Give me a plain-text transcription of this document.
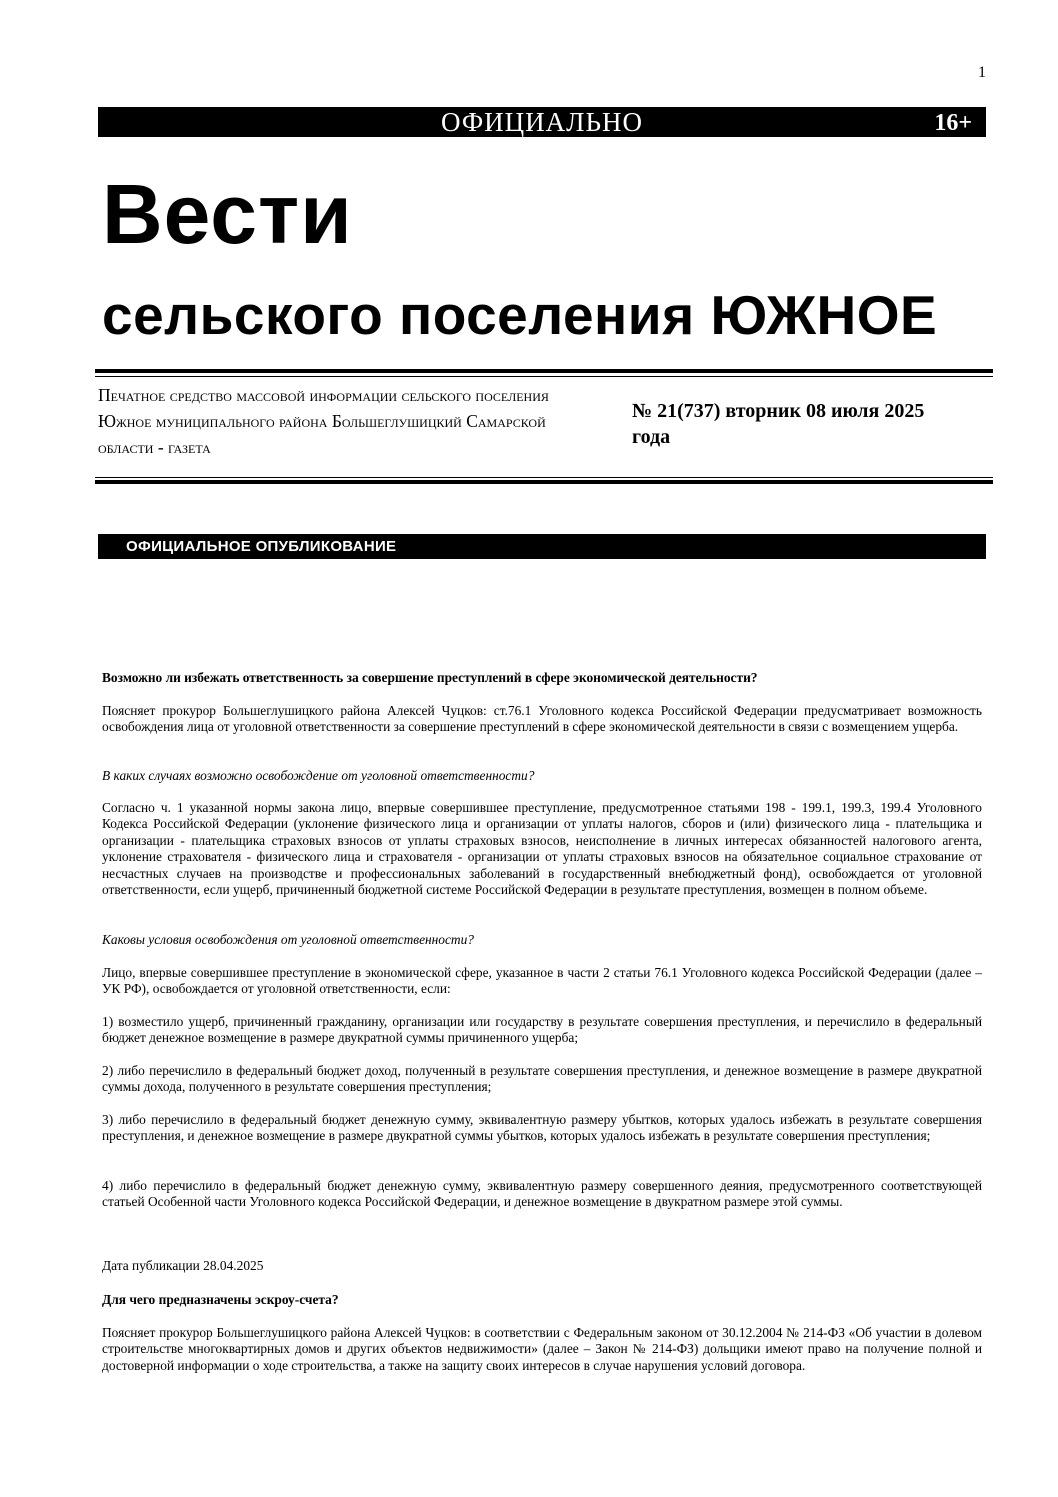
1
ОФИЦИАЛЬНО	16+
Вести
сельского поселения ЮЖНОЕ
Печатное средство массовой информации сельского поселения Южное муниципального района Большеглушицкий Самарской области - газета
№ 21(737) вторник 08 июля 2025 года
ОФИЦИАЛЬНОЕ ОПУБЛИКОВАНИЕ
Возможно ли избежать ответственность за совершение преступлений в сфере экономической деятельности?
Поясняет прокурор Большеглушицкого района Алексей Чуцков: ст.76.1 Уголовного кодекса Российской Федерации предусматривает возможность освобождения лица от уголовной ответственности за совершение преступлений в сфере экономической деятельности в связи с возмещением ущерба.
В каких случаях возможно освобождение от уголовной ответственности?
Согласно ч. 1 указанной нормы закона лицо, впервые совершившее преступление, предусмотренное статьями 198 - 199.1, 199.3, 199.4 Уголовного Кодекса Российской Федерации (уклонение физического лица и организации от уплаты налогов, сборов и (или) физического лица - плательщика и организации - плательщика страховых взносов от уплаты страховых взносов, неисполнение в личных интересах обязанностей налогового агента, уклонение страхователя - физического лица и страхователя - организации от уплаты страховых взносов на обязательное социальное страхование от несчастных случаев на производстве и профессиональных заболеваний в государственный внебюджетный фонд), освобождается от уголовной ответственности, если ущерб, причиненный бюджетной системе Российской Федерации в результате преступления, возмещен в полном объеме.
Каковы условия освобождения от уголовной ответственности?
Лицо, впервые совершившее преступление в экономической сфере, указанное в части 2 статьи 76.1 Уголовного кодекса Российской Федерации (далее – УК РФ), освобождается от уголовной ответственности, если:
1) возместило ущерб, причиненный гражданину, организации или государству в результате совершения преступления, и перечислило в федеральный бюджет денежное возмещение в размере двукратной суммы причиненного ущерба;
2) либо перечислило в федеральный бюджет доход, полученный в результате совершения преступления, и денежное возмещение в размере двукратной суммы дохода, полученного в результате совершения преступления;
3) либо перечислило в федеральный бюджет денежную сумму, эквивалентную размеру убытков, которых удалось избежать в результате совершения преступления, и денежное возмещение в размере двукратной суммы убытков, которых удалось избежать в результате совершения преступления;
4) либо перечислило в федеральный бюджет денежную сумму, эквивалентную размеру совершенного деяния, предусмотренного соответствующей статьей Особенной части Уголовного кодекса Российской Федерации, и денежное возмещение в двукратном размере этой суммы.
Дата публикации 28.04.2025
Для чего предназначены эскроу-счета?
Поясняет прокурор Большеглушицкого района Алексей Чуцков: в соответствии с Федеральным законом от 30.12.2004 № 214-ФЗ «Об участии в долевом строительстве многоквартирных домов и других объектов недвижимости» (далее – Закон № 214-ФЗ) дольщики имеют право на получение полной и достоверной информации о ходе строительства, а также на защиту своих интересов в случае нарушения условий договора.
